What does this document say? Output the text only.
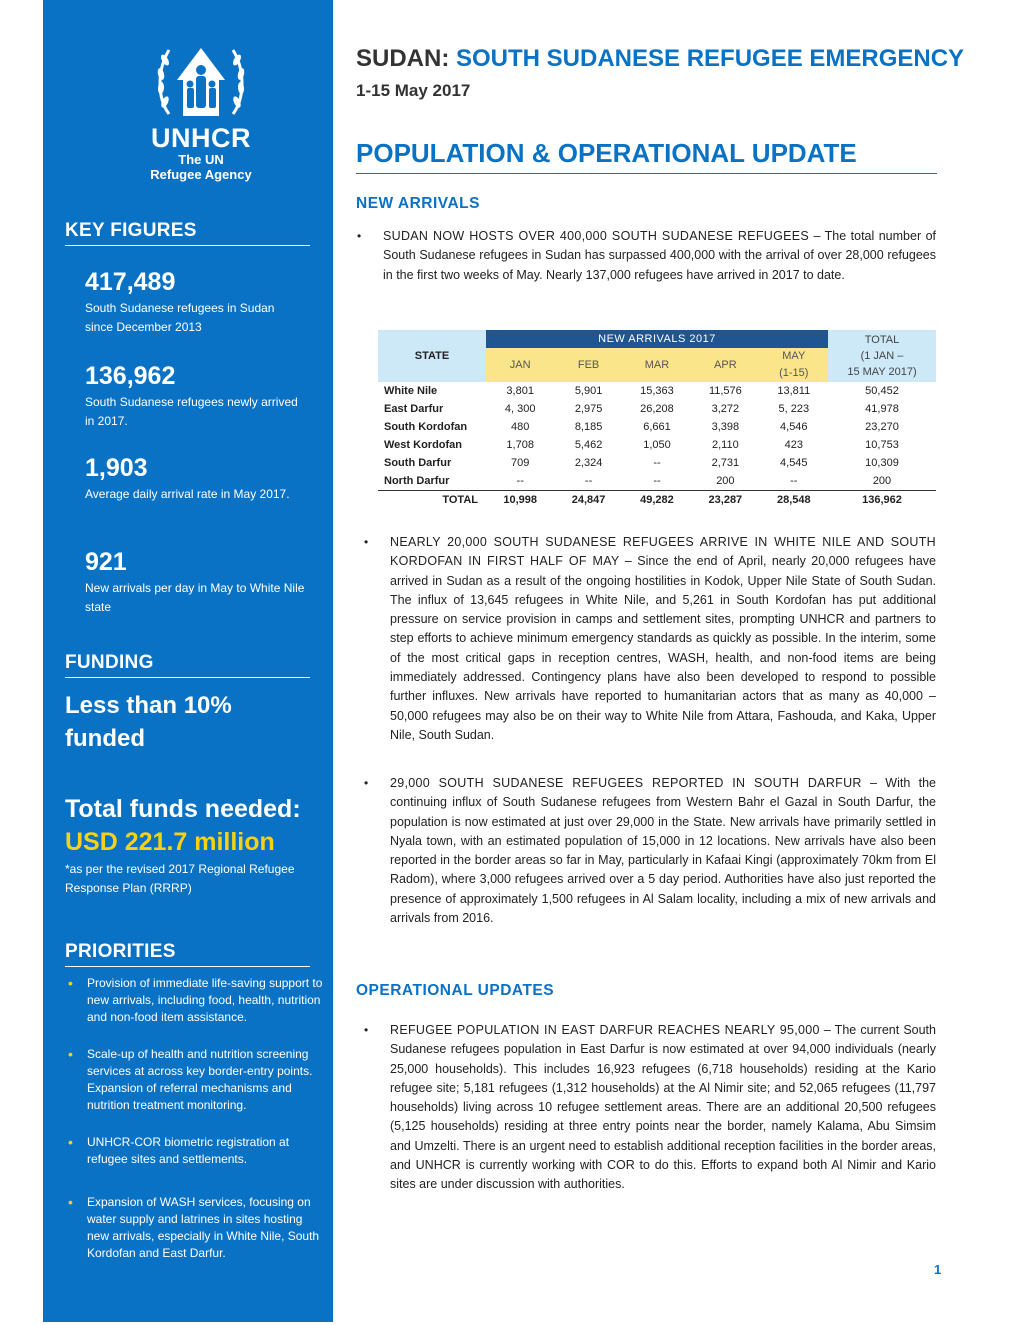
UNHCR
The UN
Refugee Agency
KEY FIGURES
417,489
South Sudanese refugees in Sudan since December 2013
136,962
South Sudanese refugees newly arrived in 2017.
1,903
Average daily arrival rate in May 2017.
921
New arrivals per day in May to White Nile state
FUNDING
Less than 10%
funded
Total funds needed:
USD 221.7 million
*as per the revised 2017 Regional Refugee Response Plan (RRRP)
PRIORITIES
• Provision of immediate life-saving support to new arrivals, including food, health, nutrition and non-food item assistance.
• Scale-up of health and nutrition screening services at across key border-entry points. Expansion of referral mechanisms and nutrition treatment monitoring.
• UNHCR-COR biometric registration at refugee sites and settlements.
• Expansion of WASH services, focusing on water supply and latrines in sites hosting new arrivals, especially in White Nile, South Kordofan and East Darfur.
SUDAN: SOUTH SUDANESE REFUGEE EMERGENCY
1-15 May 2017
POPULATION & OPERATIONAL UPDATE
NEW ARRIVALS
• SUDAN NOW HOSTS OVER 400,000 SOUTH SUDANESE REFUGEES – The total number of South Sudanese refugees in Sudan has surpassed 400,000 with the arrival of over 28,000 refugees in the first two weeks of May. Nearly 137,000 refugees have arrived in 2017 to date.
STATE	NEW ARRIVALS 2017					TOTAL
(1 JAN –
15 MAY 2017)

	JAN	FEB	MAR	APR	MAY
(1-15)	

White Nile	3,801	5,901	15,363	11,576	13,811	50,452
East Darfur	4, 300	2,975	26,208	3,272	5, 223	41,978
South Kordofan	480	8,185	6,661	3,398	4,546	23,270
West Kordofan	1,708	5,462	1,050	2,110	423	10,753
South Darfur	709	2,324	--	2,731	4,545	10,309
North Darfur	--	--	--	200	--	200
TOTAL	10,998	24,847	49,282	23,287	28,548	136,962
• NEARLY 20,000 SOUTH SUDANESE REFUGEES ARRIVE IN WHITE NILE AND SOUTH KORDOFAN IN FIRST HALF OF MAY – Since the end of April, nearly 20,000 refugees have arrived in Sudan as a result of the ongoing hostilities in Kodok, Upper Nile State of South Sudan. The influx of 13,645 refugees in White Nile, and 5,261 in South Kordofan has put additional pressure on service provision in camps and settlement sites, prompting UNHCR and partners to step efforts to achieve minimum emergency standards as quickly as possible. In the interim, some of the most critical gaps in reception centres, WASH, health, and non-food items are being immediately addressed. Contingency plans have also been developed to respond to possible further influxes. New arrivals have reported to humanitarian actors that as many as 40,000 – 50,000 refugees may also be on their way to White Nile from Attara, Fashouda, and Kaka, Upper Nile, South Sudan.
• 29,000 SOUTH SUDANESE REFUGEES REPORTED IN SOUTH DARFUR – With the continuing influx of South Sudanese refugees from Western Bahr el Gazal in South Darfur, the population is now estimated at just over 29,000 in the State. New arrivals have primarily settled in Nyala town, with an estimated population of 15,000 in 12 locations. New arrivals have also been reported in the border areas so far in May, particularly in Kafaai Kingi (approximately 70km from El Radom), where 3,000 refugees arrived over a 5 day period. Authorities have also just reported the presence of approximately 1,500 refugees in Al Salam locality, including a mix of new arrivals and arrivals from 2016.
OPERATIONAL UPDATES
• REFUGEE POPULATION IN EAST DARFUR REACHES NEARLY 95,000 – The current South Sudanese refugees population in East Darfur is now estimated at over 94,000 individuals (nearly 25,000 households). This includes 16,923 refugees (6,718 households) residing at the Kario refugee site; 5,181 refugees (1,312 households) at the Al Nimir site; and 52,065 refugees (11,797 households) living across 10 refugee settlement areas. There are an additional 20,500 refugees (5,125 households) residing at three entry points near the border, namely Kalama, Abu Simsim and Umzelti. There is an urgent need to establish additional reception facilities in the border areas, and UNHCR is currently working with COR to do this. Efforts to expand both Al Nimir and Kario sites are under discussion with authorities.
1
